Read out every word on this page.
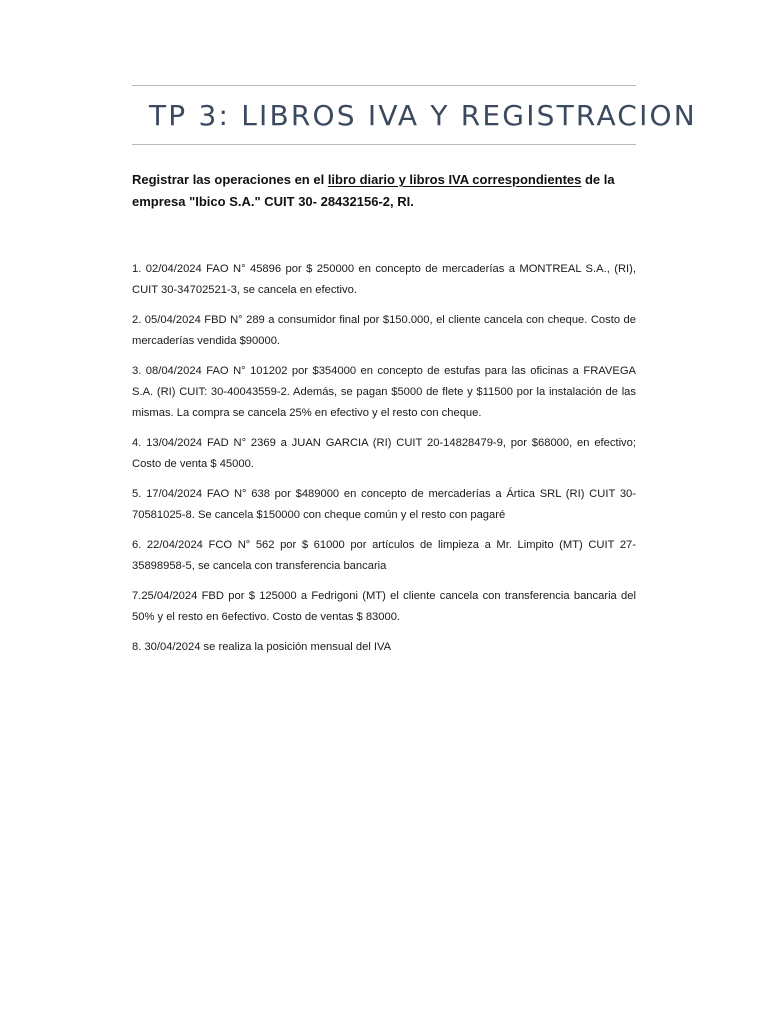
TP 3: LIBROS IVA Y REGISTRACION

Registrar las operaciones en el libro diario y libros IVA correspondientes de la empresa "Ibico S.A." CUIT 30- 28432156-2, RI.

1. 02/04/2024 FAO N° 45896 por $ 250000 en concepto de mercaderías a MONTREAL S.A., (RI), CUIT 30-34702521-3, se cancela en efectivo.

2. 05/04/2024 FBD N° 289 a consumidor final por $150.000, el cliente cancela con cheque. Costo de mercaderías vendida $90000.

3. 08/04/2024 FAO N° 101202 por $354000 en concepto de estufas para las oficinas a FRAVEGA S.A. (RI) CUIT: 30-40043559-2. Además, se pagan $5000 de flete y $11500 por la instalación de las mismas. La compra se cancela 25% en efectivo y el resto con cheque.

4. 13/04/2024 FAD N° 2369 a JUAN GARCIA (RI) CUIT 20-14828479-9, por $68000, en efectivo; Costo de venta $ 45000.

5. 17/04/2024 FAO N° 638 por $489000 en concepto de mercaderías a Ártica SRL (RI) CUIT 30-70581025-8. Se cancela $150000 con cheque común y el resto con pagaré

6. 22/04/2024 FCO N° 562 por $ 61000 por artículos de limpieza a Mr. Limpito (MT) CUIT 27-35898958-5, se cancela con transferencia bancaria

7.25/04/2024 FBD por $ 125000 a Fedrigoni (MT) el cliente cancela con transferencia bancaria del 50% y el resto en 6efectivo. Costo de ventas $ 83000.

8. 30/04/2024 se realiza la posición mensual del IVA
